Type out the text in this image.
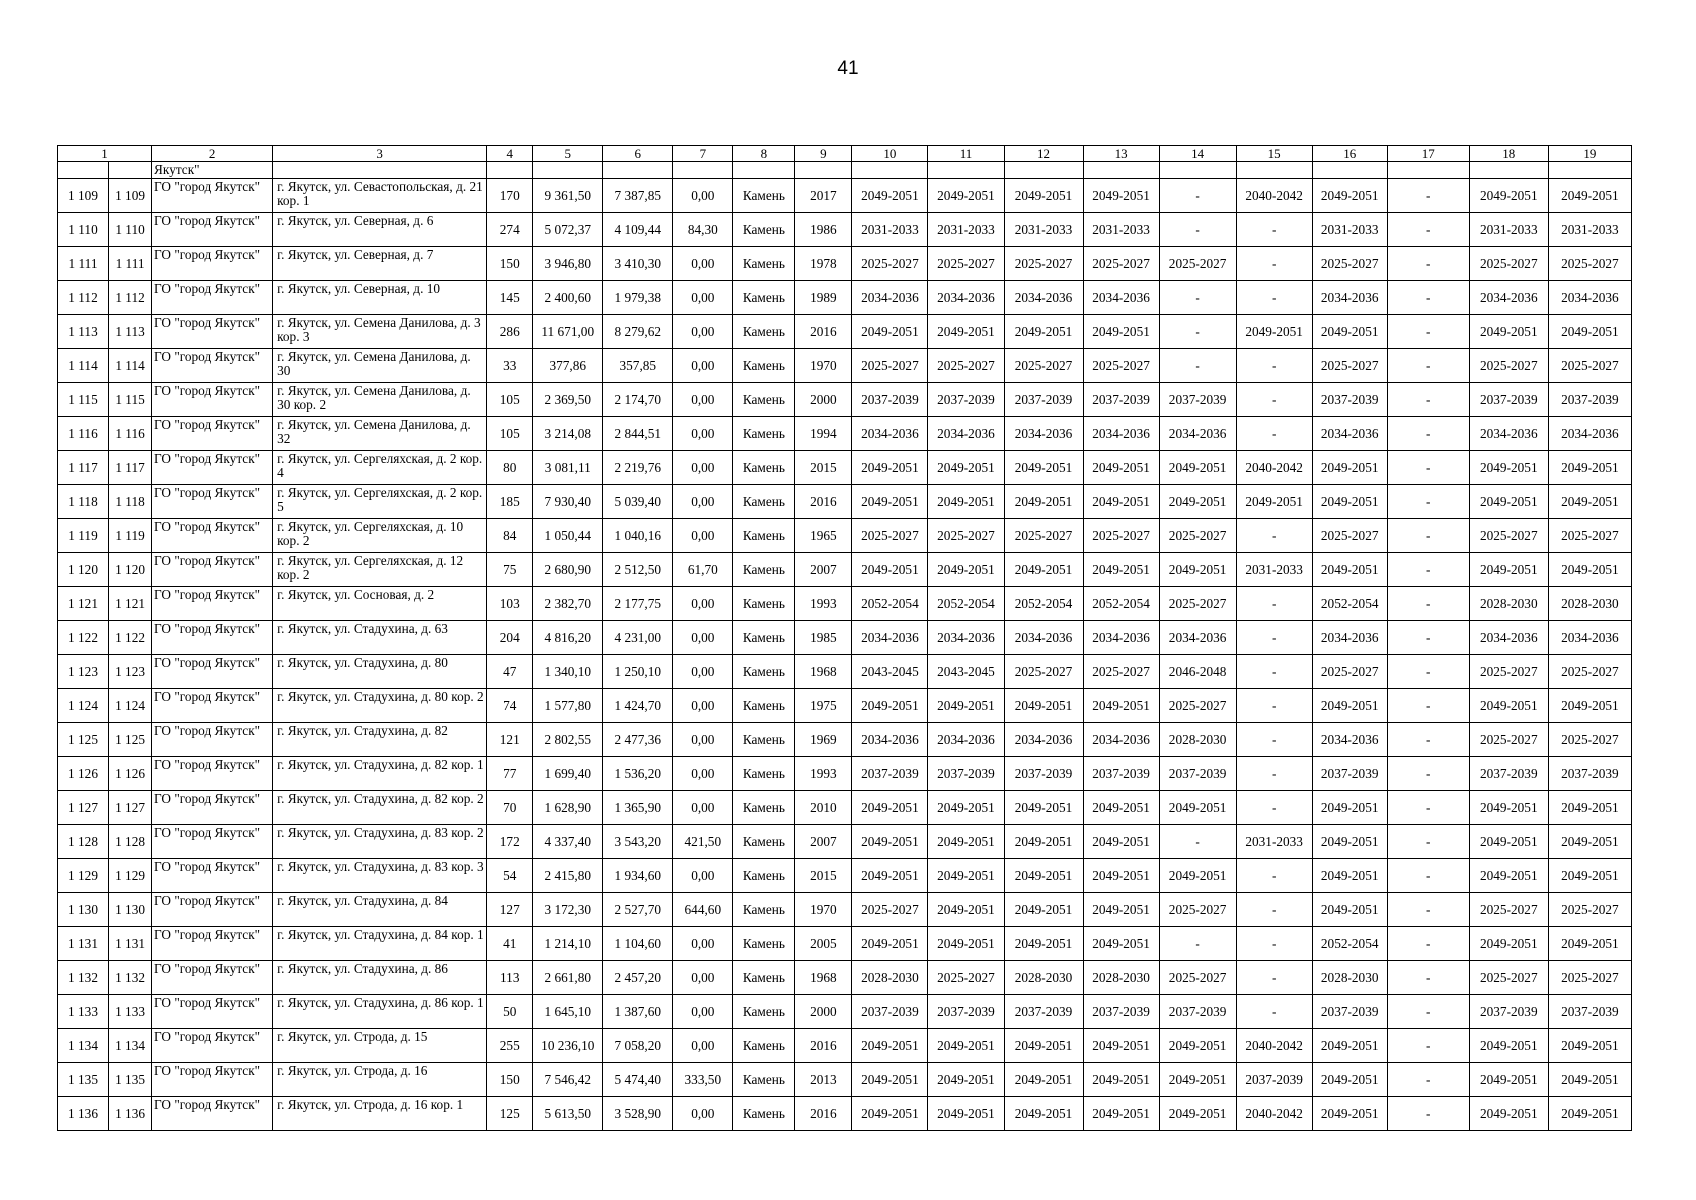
41
1		2	3	4	5	6	7	8	9	10	11	12	13	14	15	16	17	18	19
		Якутск"																	
1 109	1 109	ГО "город Якутск"	г. Якутск, ул. Севастопольская, д. 21 кор. 1	170	9 361,50	7 387,85	0,00	Камень	2017	2049-2051	2049-2051	2049-2051	2049-2051	-	2040-2042	2049-2051	-	2049-2051	2049-2051
1 110	1 110	ГО "город Якутск"	г. Якутск, ул. Северная, д. 6	274	5 072,37	4 109,44	84,30	Камень	1986	2031-2033	2031-2033	2031-2033	2031-2033	-	-	2031-2033	-	2031-2033	2031-2033
1 111	1 111	ГО "город Якутск"	г. Якутск, ул. Северная, д. 7	150	3 946,80	3 410,30	0,00	Камень	1978	2025-2027	2025-2027	2025-2027	2025-2027	2025-2027	-	2025-2027	-	2025-2027	2025-2027
1 112	1 112	ГО "город Якутск"	г. Якутск, ул. Северная, д. 10	145	2 400,60	1 979,38	0,00	Камень	1989	2034-2036	2034-2036	2034-2036	2034-2036	-	-	2034-2036	-	2034-2036	2034-2036
1 113	1 113	ГО "город Якутск"	г. Якутск, ул. Семена Данилова, д. 3 кор. 3	286	11 671,00	8 279,62	0,00	Камень	2016	2049-2051	2049-2051	2049-2051	2049-2051	-	2049-2051	2049-2051	-	2049-2051	2049-2051
1 114	1 114	ГО "город Якутск"	г. Якутск, ул. Семена Данилова, д. 30	33	377,86	357,85	0,00	Камень	1970	2025-2027	2025-2027	2025-2027	2025-2027	-	-	2025-2027	-	2025-2027	2025-2027
1 115	1 115	ГО "город Якутск"	г. Якутск, ул. Семена Данилова, д. 30 кор. 2	105	2 369,50	2 174,70	0,00	Камень	2000	2037-2039	2037-2039	2037-2039	2037-2039	2037-2039	-	2037-2039	-	2037-2039	2037-2039
1 116	1 116	ГО "город Якутск"	г. Якутск, ул. Семена Данилова, д. 32	105	3 214,08	2 844,51	0,00	Камень	1994	2034-2036	2034-2036	2034-2036	2034-2036	2034-2036	-	2034-2036	-	2034-2036	2034-2036
1 117	1 117	ГО "город Якутск"	г. Якутск, ул. Сергеляхская, д. 2 кор. 4	80	3 081,11	2 219,76	0,00	Камень	2015	2049-2051	2049-2051	2049-2051	2049-2051	2049-2051	2040-2042	2049-2051	-	2049-2051	2049-2051
1 118	1 118	ГО "город Якутск"	г. Якутск, ул. Сергеляхская, д. 2 кор. 5	185	7 930,40	5 039,40	0,00	Камень	2016	2049-2051	2049-2051	2049-2051	2049-2051	2049-2051	2049-2051	2049-2051	-	2049-2051	2049-2051
1 119	1 119	ГО "город Якутск"	г. Якутск, ул. Сергеляхская, д. 10 кор. 2	84	1 050,44	1 040,16	0,00	Камень	1965	2025-2027	2025-2027	2025-2027	2025-2027	2025-2027	-	2025-2027	-	2025-2027	2025-2027
1 120	1 120	ГО "город Якутск"	г. Якутск, ул. Сергеляхская, д. 12 кор. 2	75	2 680,90	2 512,50	61,70	Камень	2007	2049-2051	2049-2051	2049-2051	2049-2051	2049-2051	2031-2033	2049-2051	-	2049-2051	2049-2051
1 121	1 121	ГО "город Якутск"	г. Якутск, ул. Сосновая, д. 2	103	2 382,70	2 177,75	0,00	Камень	1993	2052-2054	2052-2054	2052-2054	2052-2054	2025-2027	-	2052-2054	-	2028-2030	2028-2030
1 122	1 122	ГО "город Якутск"	г. Якутск, ул. Стадухина, д. 63	204	4 816,20	4 231,00	0,00	Камень	1985	2034-2036	2034-2036	2034-2036	2034-2036	2034-2036	-	2034-2036	-	2034-2036	2034-2036
1 123	1 123	ГО "город Якутск"	г. Якутск, ул. Стадухина, д. 80	47	1 340,10	1 250,10	0,00	Камень	1968	2043-2045	2043-2045	2025-2027	2025-2027	2046-2048	-	2025-2027	-	2025-2027	2025-2027
1 124	1 124	ГО "город Якутск"	г. Якутск, ул. Стадухина, д. 80 кор. 2	74	1 577,80	1 424,70	0,00	Камень	1975	2049-2051	2049-2051	2049-2051	2049-2051	2025-2027	-	2049-2051	-	2049-2051	2049-2051
1 125	1 125	ГО "город Якутск"	г. Якутск, ул. Стадухина, д. 82	121	2 802,55	2 477,36	0,00	Камень	1969	2034-2036	2034-2036	2034-2036	2034-2036	2028-2030	-	2034-2036	-	2025-2027	2025-2027
1 126	1 126	ГО "город Якутск"	г. Якутск, ул. Стадухина, д. 82 кор. 1	77	1 699,40	1 536,20	0,00	Камень	1993	2037-2039	2037-2039	2037-2039	2037-2039	2037-2039	-	2037-2039	-	2037-2039	2037-2039
1 127	1 127	ГО "город Якутск"	г. Якутск, ул. Стадухина, д. 82 кор. 2	70	1 628,90	1 365,90	0,00	Камень	2010	2049-2051	2049-2051	2049-2051	2049-2051	2049-2051	-	2049-2051	-	2049-2051	2049-2051
1 128	1 128	ГО "город Якутск"	г. Якутск, ул. Стадухина, д. 83 кор. 2	172	4 337,40	3 543,20	421,50	Камень	2007	2049-2051	2049-2051	2049-2051	2049-2051	-	2031-2033	2049-2051	-	2049-2051	2049-2051
1 129	1 129	ГО "город Якутск"	г. Якутск, ул. Стадухина, д. 83 кор. 3	54	2 415,80	1 934,60	0,00	Камень	2015	2049-2051	2049-2051	2049-2051	2049-2051	2049-2051	-	2049-2051	-	2049-2051	2049-2051
1 130	1 130	ГО "город Якутск"	г. Якутск, ул. Стадухина, д. 84	127	3 172,30	2 527,70	644,60	Камень	1970	2025-2027	2049-2051	2049-2051	2049-2051	2025-2027	-	2049-2051	-	2025-2027	2025-2027
1 131	1 131	ГО "город Якутск"	г. Якутск, ул. Стадухина, д. 84 кор. 1	41	1 214,10	1 104,60	0,00	Камень	2005	2049-2051	2049-2051	2049-2051	2049-2051	-	-	2052-2054	-	2049-2051	2049-2051
1 132	1 132	ГО "город Якутск"	г. Якутск, ул. Стадухина, д. 86	113	2 661,80	2 457,20	0,00	Камень	1968	2028-2030	2025-2027	2028-2030	2028-2030	2025-2027	-	2028-2030	-	2025-2027	2025-2027
1 133	1 133	ГО "город Якутск"	г. Якутск, ул. Стадухина, д. 86 кор. 1	50	1 645,10	1 387,60	0,00	Камень	2000	2037-2039	2037-2039	2037-2039	2037-2039	2037-2039	-	2037-2039	-	2037-2039	2037-2039
1 134	1 134	ГО "город Якутск"	г. Якутск, ул. Строда, д. 15	255	10 236,10	7 058,20	0,00	Камень	2016	2049-2051	2049-2051	2049-2051	2049-2051	2049-2051	2040-2042	2049-2051	-	2049-2051	2049-2051
1 135	1 135	ГО "город Якутск"	г. Якутск, ул. Строда, д. 16	150	7 546,42	5 474,40	333,50	Камень	2013	2049-2051	2049-2051	2049-2051	2049-2051	2049-2051	2037-2039	2049-2051	-	2049-2051	2049-2051
1 136	1 136	ГО "город Якутск"	г. Якутск, ул. Строда, д. 16 кор. 1	125	5 613,50	3 528,90	0,00	Камень	2016	2049-2051	2049-2051	2049-2051	2049-2051	2049-2051	2040-2042	2049-2051	-	2049-2051	2049-2051
